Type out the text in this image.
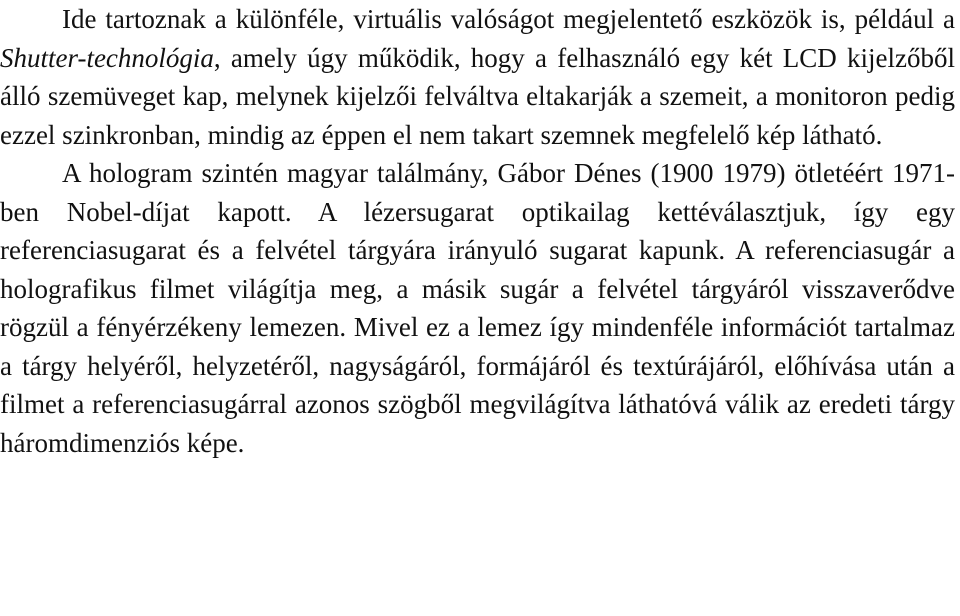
Ide tartoznak a különféle, virtuális valóságot megjelentető eszközök is, például a Shutter-technológia, amely úgy működik, hogy a felhasználó egy két LCD kijelzőből álló szemüveget kap, melynek kijelzői felváltva eltakarják a szemeit, a monitoron pedig ezzel szinkronban, mindig az éppen el nem takart szemnek megfelelő kép látható.

A hologram szintén magyar találmány, Gábor Dénes (1900 1979) ötletéért 1971-ben Nobel-díjat kapott. A lézersugarat optikailag kettéválasztjuk, így egy referenciasugarat és a felvétel tárgyára irányuló sugarat kapunk. A referenciasugár a holografikus filmet világítja meg, a másik sugár a felvétel tárgyáról visszaverődve rögzül a fényérzékeny lemezen. Mivel ez a lemez így mindenféle információt tartalmaz a tárgy helyéről, helyzetéről, nagyságáról, formájáról és textúrájáról, előhívása után a filmet a referenciasugárral azonos szögből megvilágítva láthatóvá válik az eredeti tárgy háromdimenziós képe.
